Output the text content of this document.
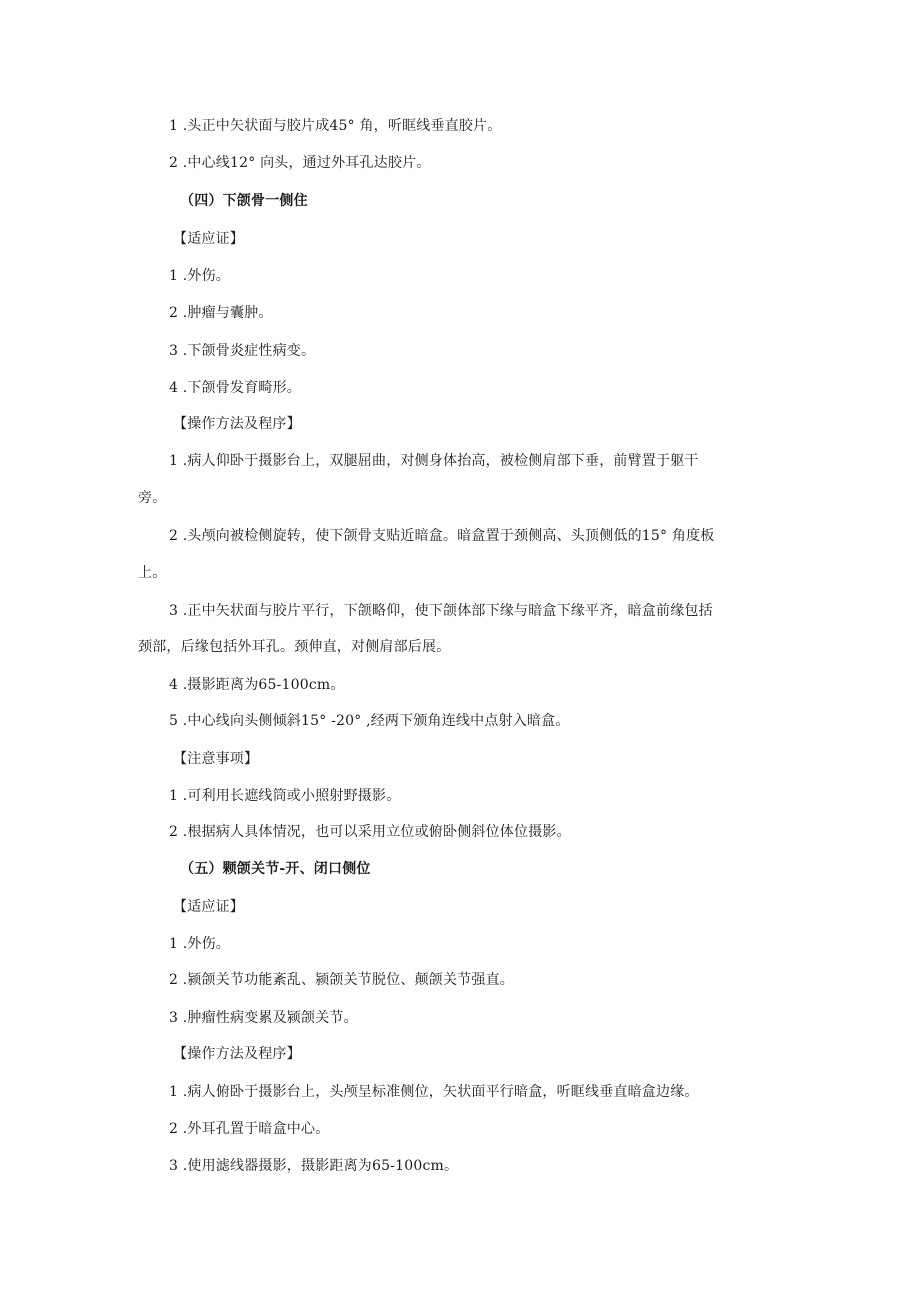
1 .头正中矢状面与胶片成45° 角，听眶线垂直胶片。
2 .中心线12° 向头，通过外耳孔达胶片。
（四）下颌骨一侧住
【适应证】
1 .外伤。
2 .肿瘤与囊肿。
3 .下颌骨炎症性病变。
4 .下颌骨发育畸形。
【操作方法及程序】
1 .病人仰卧于摄影台上，双腿屈曲，对侧身体抬高，被检侧肩部下垂，前臂置于躯干
旁。
2 .头颅向被检侧旋转，使下颌骨支贴近暗盒。暗盒置于颈侧高、头顶侧低的15° 角度板
上。
3 .正中矢状面与胶片平行，下颌略仰，使下颌体部下缘与暗盒下缘平齐，暗盒前缘包括
颈部，后缘包括外耳孔。颈伸直，对侧肩部后展。
4 .摄影距离为65-100cm。
5 .中心线向头侧倾斜15° -20° ,经两下颁角连线中点射入暗盒。
【注意事项】
1 .可利用长遮线筒或小照射野摄影。
2 .根据病人具体情况，也可以采用立位或俯卧侧斜位体位摄影。
（五）颗颌关节-开、闭口侧位
【适应证】
1 .外伤。
2 .颍颌关节功能紊乱、颍颌关节脱位、颠颌关节强直。
3 .肿瘤性病变累及颍颌关节。
【操作方法及程序】
1 .病人俯卧于摄影台上，头颅呈标准侧位，矢状面平行暗盒，听眶线垂直暗盒边缘。
2 .外耳孔置于暗盒中心。
3 .使用滤线器摄影，摄影距离为65-100cm。
